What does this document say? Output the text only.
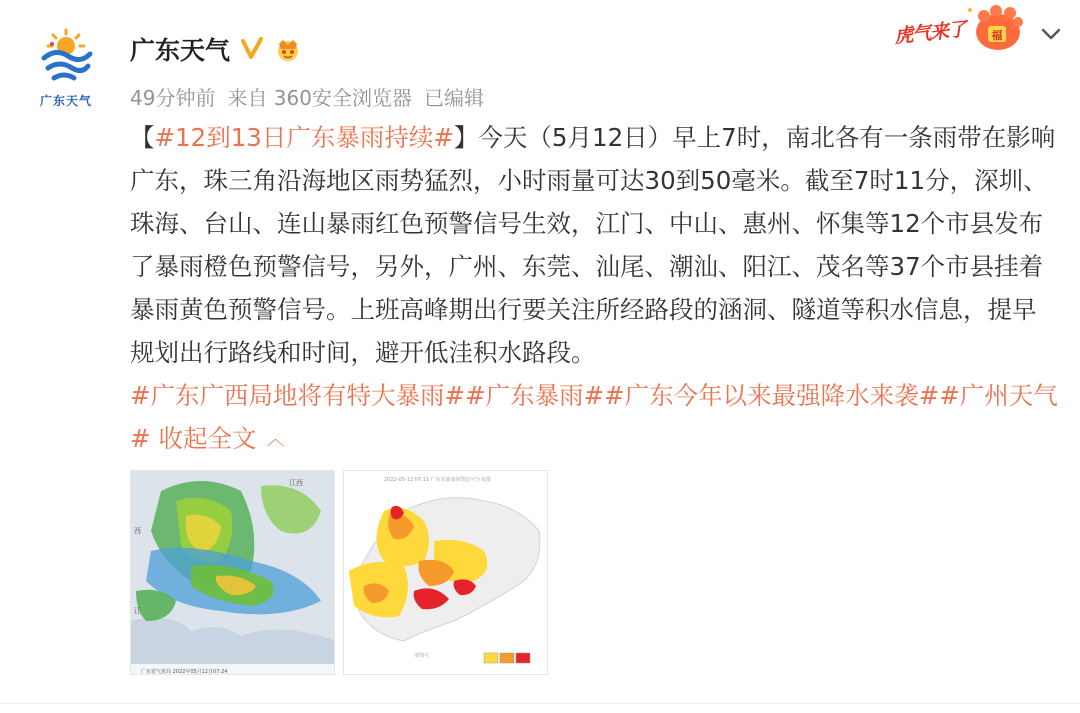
广东天气
广东天气
49分钟前 来自 360安全浏览器 已编辑
虎气来了 福
【#12到13日广东暴雨持续#】今天（5月12日）早上7时，南北各有一条雨带在影响广东，珠三角沿海地区雨势猛烈，小时雨量可达30到50毫米。截至7时11分，深圳、珠海、台山、连山暴雨红色预警信号生效，江门、中山、惠州、怀集等12个市县发布了暴雨橙色预警信号，另外，广州、东莞、汕尾、潮汕、阳江、茂名等37个市县挂着暴雨黄色预警信号。上班高峰期出行要关注所经路段的涵洞、隧道等积水信息，提早规划出行路线和时间，避开低洼积水路段。
#广东广西局地将有特大暴雨##广东暴雨##广东今年以来最强降水来袭##广州天气# 收起全文 ︿
江西
西
江
广东省气象局 2022年05月12日07:24
2022-05-12 07:11 广东省暴雨预警信号分布图
审图号
